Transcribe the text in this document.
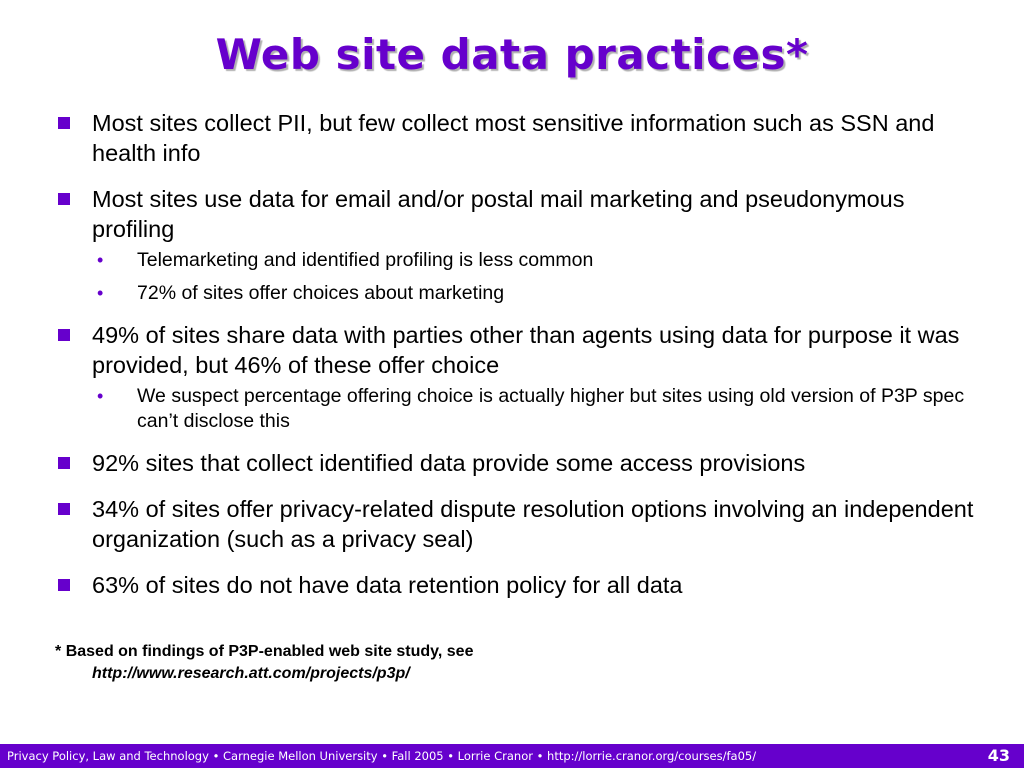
Web site data practices*
Most sites collect PII, but few collect most sensitive information such as SSN and health info
Most sites use data for email and/or postal mail marketing and pseudonymous profiling
• Telemarketing and identified profiling is less common
• 72% of sites offer choices about marketing
49% of sites share data with parties other than agents using data for purpose it was provided, but 46% of these offer choice
• We suspect percentage offering choice is actually higher but sites using old version of P3P spec can’t disclose this
92% sites that collect identified data provide some access provisions
34% of sites offer privacy-related dispute resolution options involving an independent organization (such as a privacy seal)
63% of sites do not have data retention policy for all data
* Based on findings of P3P-enabled web site study, see
http://www.research.att.com/projects/p3p/
Privacy Policy, Law and Technology • Carnegie Mellon University • Fall 2005 • Lorrie Cranor • http://lorrie.cranor.org/courses/fa05/	43
